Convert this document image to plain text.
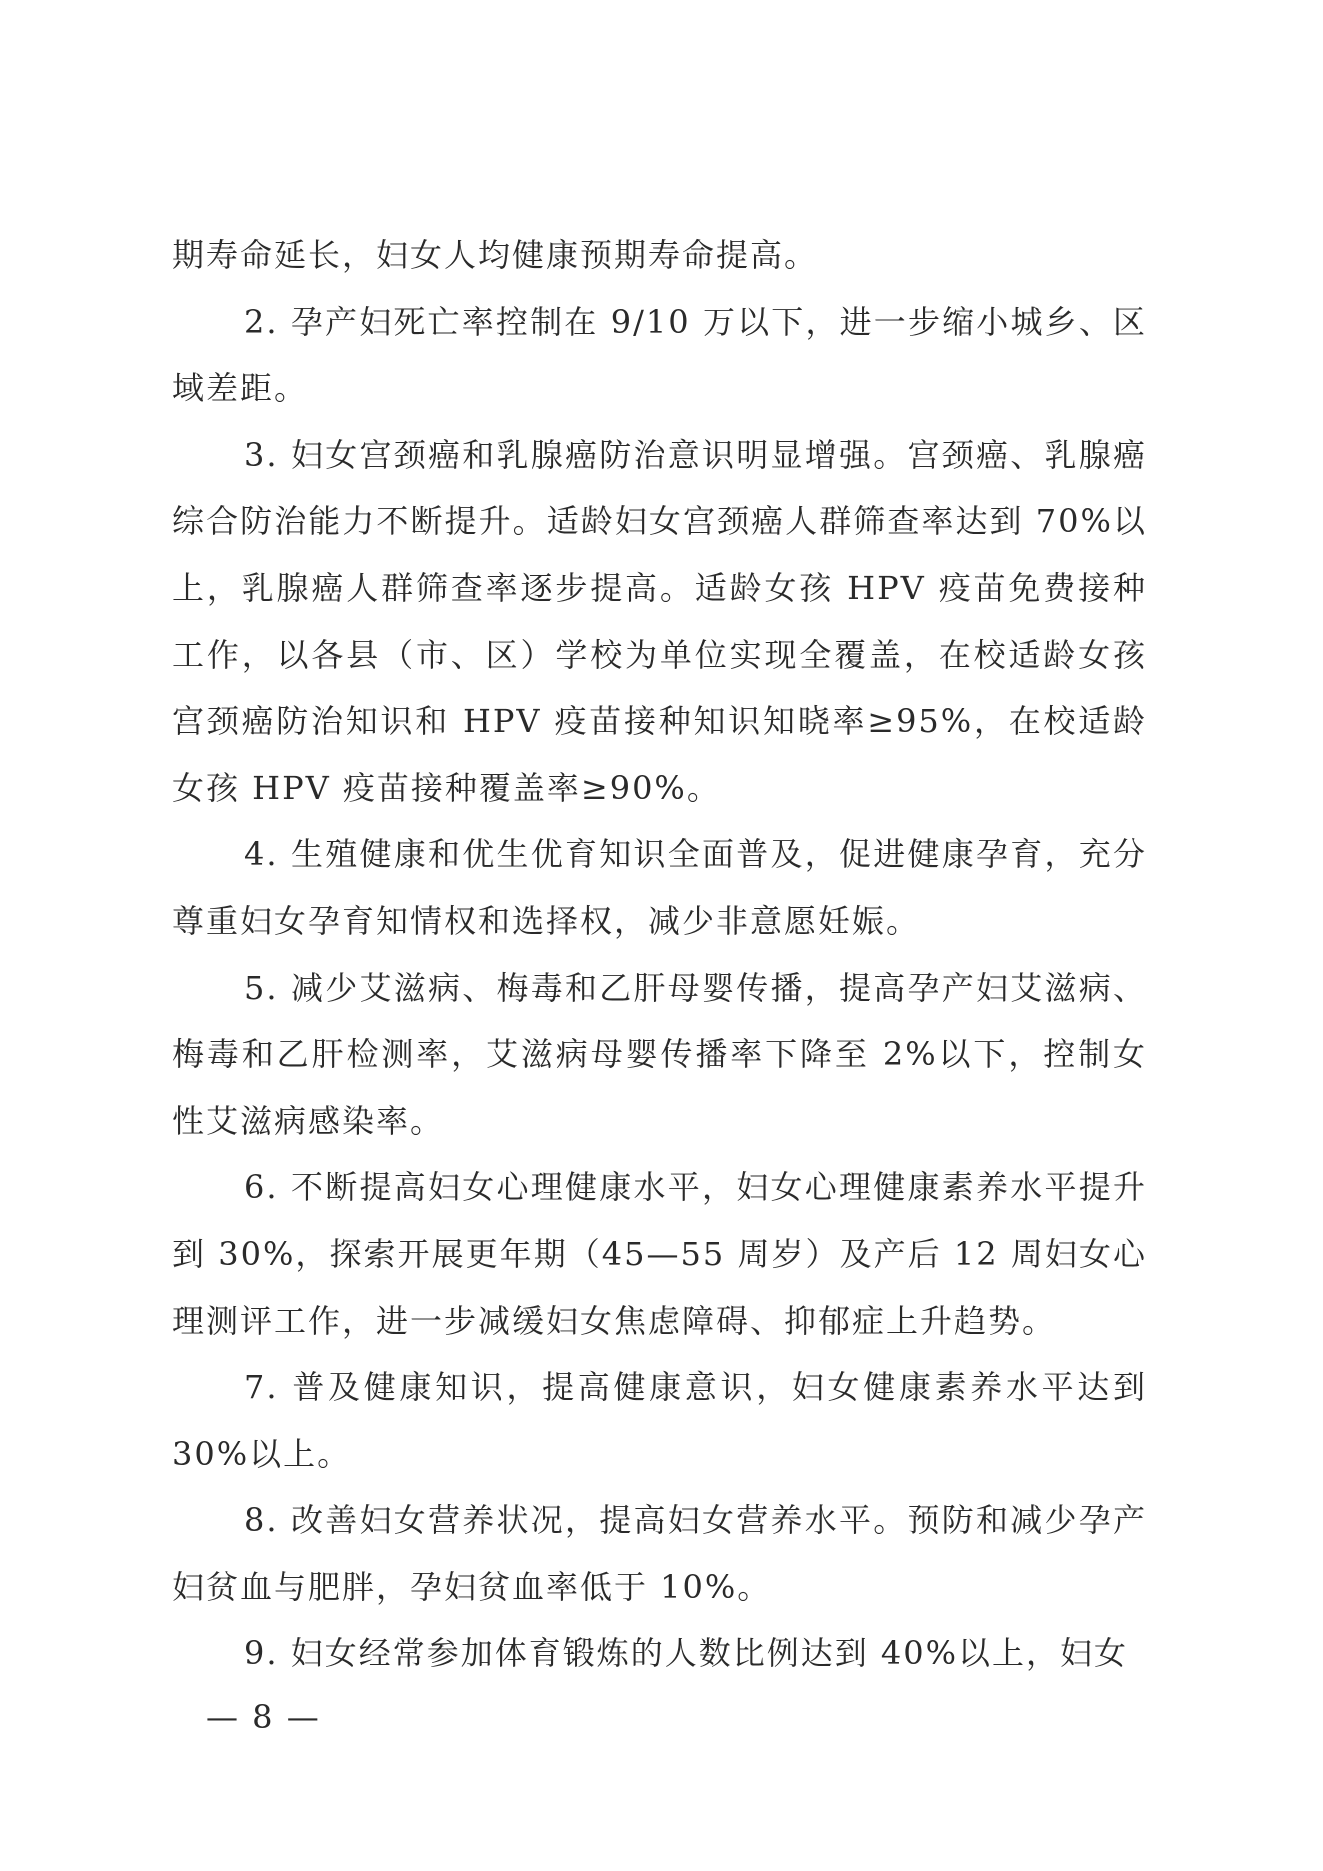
期寿命延长，妇女人均健康预期寿命提高。

2. 孕产妇死亡率控制在 9/10 万以下，进一步缩小城乡、区域差距。

3. 妇女宫颈癌和乳腺癌防治意识明显增强。宫颈癌、乳腺癌综合防治能力不断提升。适龄妇女宫颈癌人群筛查率达到 70%以上，乳腺癌人群筛查率逐步提高。适龄女孩 HPV 疫苗免费接种工作，以各县（市、区）学校为单位实现全覆盖，在校适龄女孩宫颈癌防治知识和 HPV 疫苗接种知识知晓率≥95%，在校适龄女孩 HPV 疫苗接种覆盖率≥90%。

4. 生殖健康和优生优育知识全面普及，促进健康孕育，充分尊重妇女孕育知情权和选择权，减少非意愿妊娠。

5. 减少艾滋病、梅毒和乙肝母婴传播，提高孕产妇艾滋病、梅毒和乙肝检测率，艾滋病母婴传播率下降至 2%以下，控制女性艾滋病感染率。

6. 不断提高妇女心理健康水平，妇女心理健康素养水平提升到 30%，探索开展更年期（45—55 周岁）及产后 12 周妇女心理测评工作，进一步减缓妇女焦虑障碍、抑郁症上升趋势。

7. 普及健康知识，提高健康意识，妇女健康素养水平达到 30%以上。

8. 改善妇女营养状况，提高妇女营养水平。预防和减少孕产妇贫血与肥胖，孕妇贫血率低于 10%。

9. 妇女经常参加体育锻炼的人数比例达到 40%以上，妇女

— 8 —
